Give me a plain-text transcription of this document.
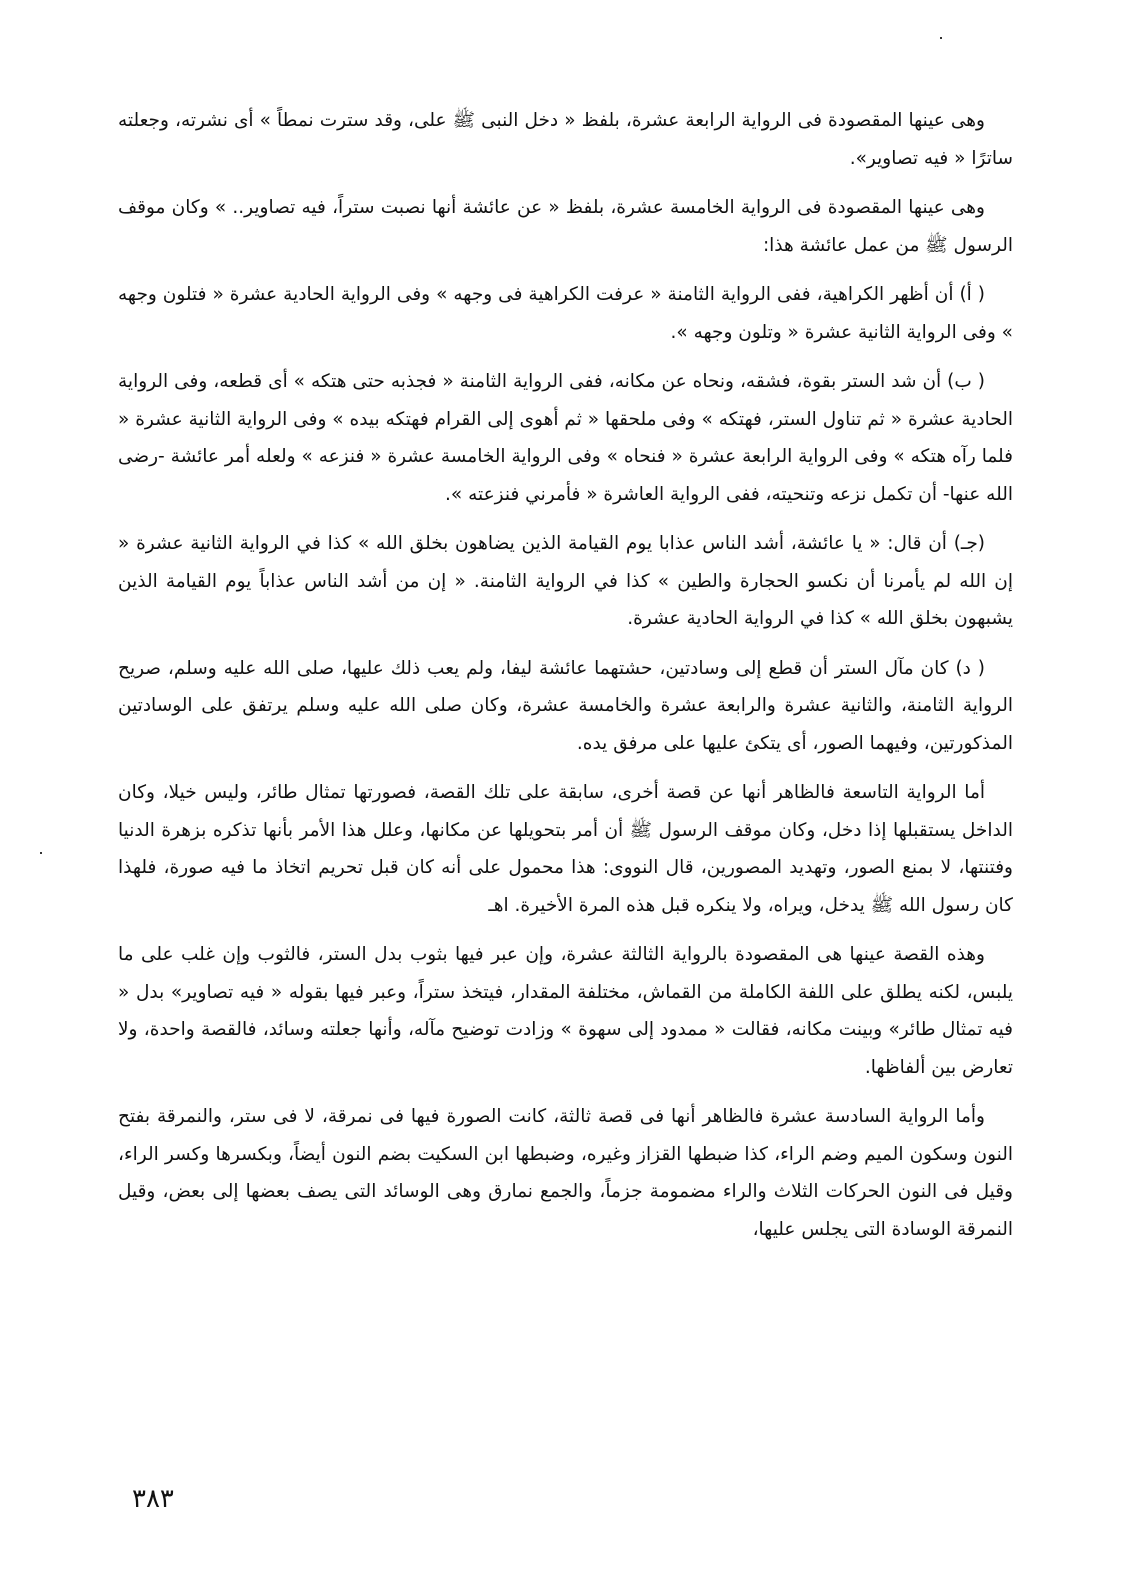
وهى عينها المقصودة فى الرواية الرابعة عشرة، بلفظ « دخل النبى ﷺ على، وقد سترت نمطاً » أى نشرته، وجعلته ساترًا « فيه تصاوير».

وهى عينها المقصودة فى الرواية الخامسة عشرة، بلفظ « عن عائشة أنها نصبت ستراً، فيه تصاوير.. » وكان موقف الرسول ﷺ من عمل عائشة هذا:

( أ) أن أظهر الكراهية، ففى الرواية الثامنة « عرفت الكراهية فى وجهه » وفى الرواية الحادية عشرة « فتلون وجهه » وفى الرواية الثانية عشرة « وتلون وجهه ».

( ب) أن شد الستر بقوة، فشقه، ونحاه عن مكانه، ففى الرواية الثامنة « فجذبه حتى هتكه » أى قطعه، وفى الرواية الحادية عشرة « ثم تناول الستر، فهتكه » وفى ملحقها « ثم أهوى إلى القرام فهتكه بيده » وفى الرواية الثانية عشرة « فلما رآه هتكه » وفى الرواية الرابعة عشرة « فنحاه » وفى الرواية الخامسة عشرة « فنزعه » ولعله أمر عائشة -رضى الله عنها- أن تكمل نزعه وتنحيته، ففى الرواية العاشرة « فأمرني فنزعته ».

(جـ) أن قال: « يا عائشة، أشد الناس عذابا يوم القيامة الذين يضاهون بخلق الله » كذا في الرواية الثانية عشرة « إن الله لم يأمرنا أن نكسو الحجارة والطين » كذا في الرواية الثامنة. « إن من أشد الناس عذاباً يوم القيامة الذين يشبهون بخلق الله » كذا في الرواية الحادية عشرة.

( د) كان مآل الستر أن قطع إلى وسادتين، حشتهما عائشة ليفا، ولم يعب ذلك عليها، صلى الله عليه وسلم، صريح الرواية الثامنة، والثانية عشرة والرابعة عشرة والخامسة عشرة، وكان صلى الله عليه وسلم يرتفق على الوسادتين المذكورتين، وفيهما الصور، أى يتكئ عليها على مرفق يده.

أما الرواية التاسعة فالظاهر أنها عن قصة أخرى، سابقة على تلك القصة، فصورتها تمثال طائر، وليس خيلا، وكان الداخل يستقبلها إذا دخل، وكان موقف الرسول ﷺ أن أمر بتحويلها عن مكانها، وعلل هذا الأمر بأنها تذكره بزهرة الدنيا وفتنتها، لا بمنع الصور، وتهديد المصورين، قال النووى: هذا محمول على أنه كان قبل تحريم اتخاذ ما فيه صورة، فلهذا كان رسول الله ﷺ يدخل، ويراه، ولا ينكره قبل هذه المرة الأخيرة. اهـ

وهذه القصة عينها هى المقصودة بالرواية الثالثة عشرة، وإن عبر فيها بثوب بدل الستر، فالثوب وإن غلب على ما يلبس، لكنه يطلق على اللفة الكاملة من القماش، مختلفة المقدار، فيتخذ ستراً، وعبر فيها بقوله « فيه تصاوير» بدل « فيه تمثال طائر» وبينت مكانه، فقالت « ممدود إلى سهوة » وزادت توضيح مآله، وأنها جعلته وسائد، فالقصة واحدة، ولا تعارض بين ألفاظها.

وأما الرواية السادسة عشرة فالظاهر أنها فى قصة ثالثة، كانت الصورة فيها فى نمرقة، لا فى ستر، والنمرقة بفتح النون وسكون الميم وضم الراء، كذا ضبطها القزاز وغيره، وضبطها ابن السكيت بضم النون أيضاً، وبكسرها وكسر الراء، وقيل فى النون الحركات الثلاث والراء مضمومة جزماً، والجمع نمارق وهى الوسائد التى يصف بعضها إلى بعض، وقيل النمرقة الوسادة التى يجلس عليها،

٣٨٣
